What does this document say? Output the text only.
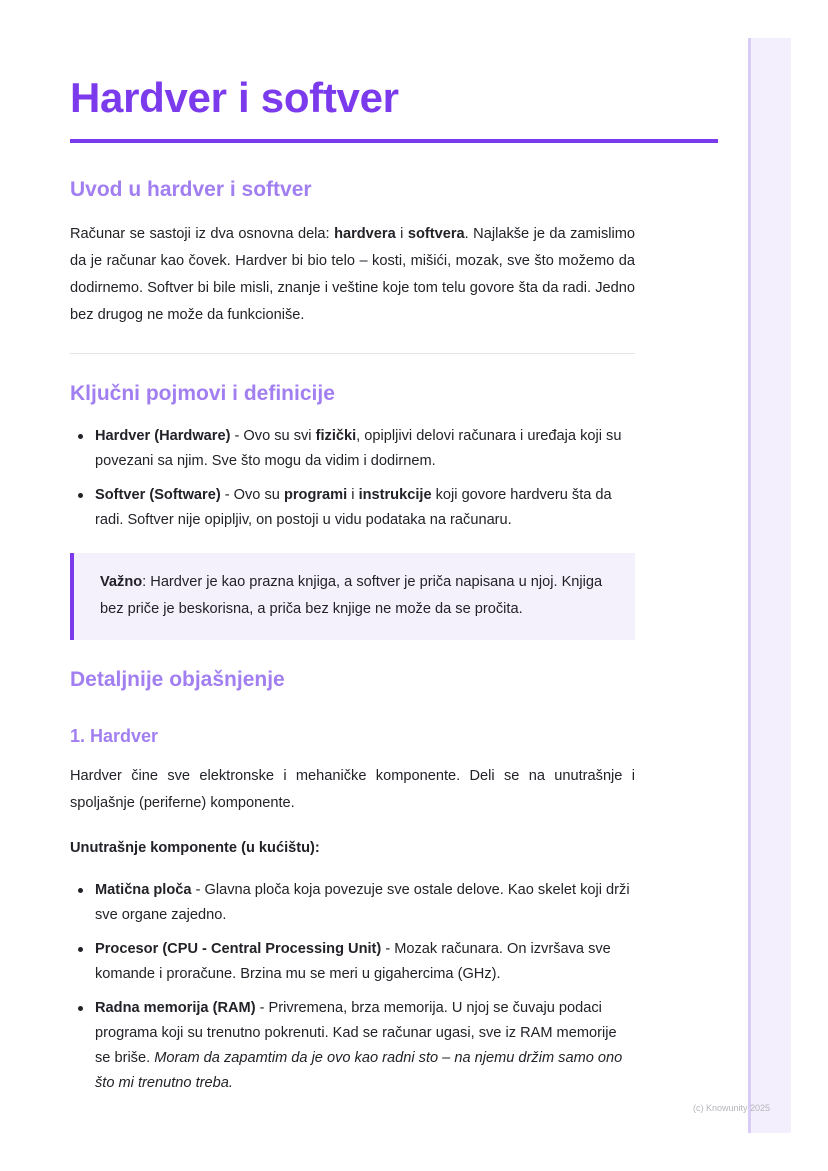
Hardver i softver
Uvod u hardver i softver

Računar se sastoji iz dva osnovna dela: hardvera i softvera. Najlakše je da zamislimo da je računar kao čovek. Hardver bi bio telo – kosti, mišići, mozak, sve što možemo da dodirnemo. Softver bi bile misli, znanje i veštine koje tom telu govore šta da radi. Jedno bez drugog ne može da funkcioniše.

Ključni pojmovi i definicije
Hardver (Hardware) - Ovo su svi fizički, opipljivi delovi računara i uređaja koji su povezani sa njim. Sve što mogu da vidim i dodirnem.
Softver (Software) - Ovo su programi i instrukcije koji govore hardveru šta da radi. Softver nije opipljiv, on postoji u vidu podataka na računaru.

Važno: Hardver je kao prazna knjiga, a softver je priča napisana u njoj. Knjiga bez priče je beskorisna, a priča bez knjige ne može da se pročita.

Detaljnije objašnjenje
1. Hardver

Hardver čine sve elektronske i mehaničke komponente. Deli se na unutrašnje i spoljašnje (periferne) komponente.

Unutrašnje komponente (u kućištu):
Matična ploča - Glavna ploča koja povezuje sve ostale delove. Kao skelet koji drži sve organe zajedno.
Procesor (CPU - Central Processing Unit) - Mozak računara. On izvršava sve komande i proračune. Brzina mu se meri u gigahercima (GHz).
Radna memorija (RAM) - Privremena, brza memorija. U njoj se čuvaju podaci programa koji su trenutno pokrenuti. Kad se računar ugasi, sve iz RAM memorije se briše. Moram da zapamtim da je ovo kao radni sto – na njemu držim samo ono što mi trenutno treba.
(c) Knowunity 2025
